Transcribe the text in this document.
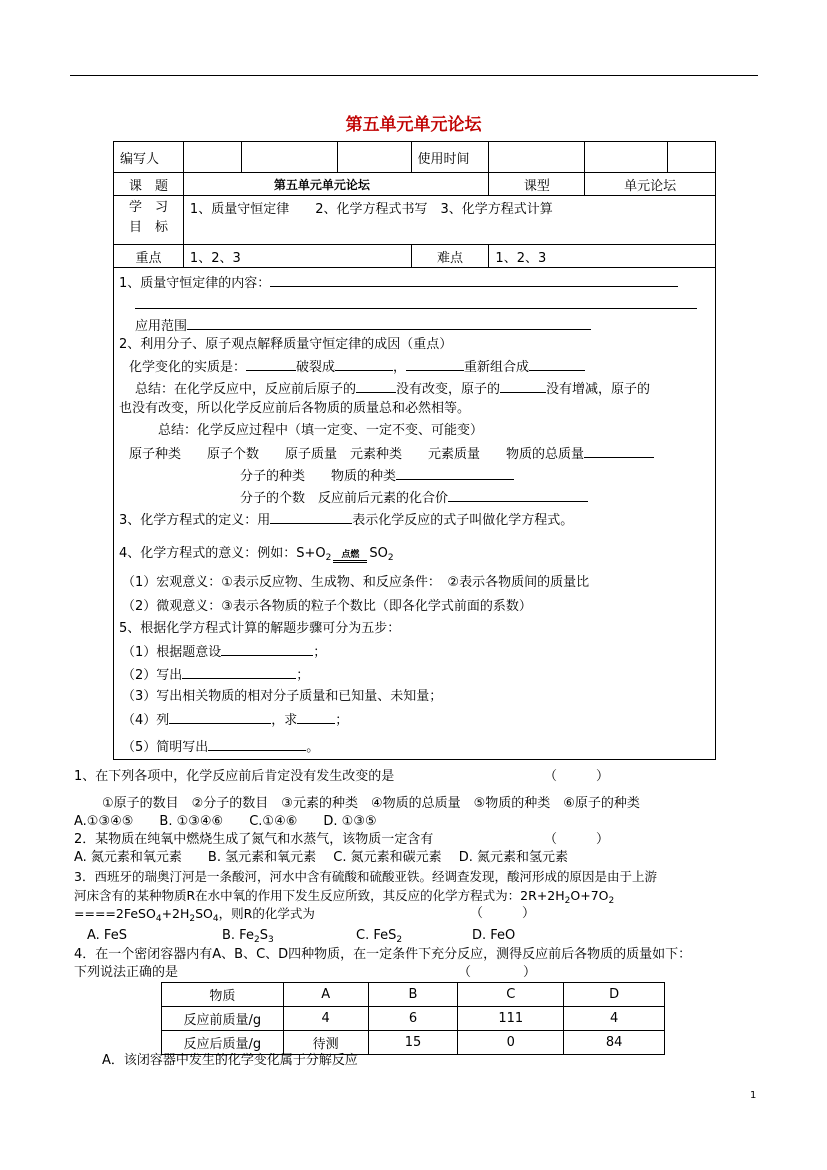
第五单元单元论坛
编写人				使用时间			
课　题	第五单元单元论坛				课型	单元论坛	
学　习
目　标	1、质量守恒定律　　2、化学方程式书写　3、化学方程式计算						
重点	1、2、3			难点	1、2、3		
1、质量守恒定律的内容：
应用范围
2、利用分子、原子观点解释质量守恒定律的成因（重点）
化学变化的实质是：	破裂成	，	重新组合成
总结：在化学反应中，反应前后原子的	没有改变，原子的	没有增减，原子的
也没有改变，所以化学反应前后各物质的质量总和必然相等。
总结：化学反应过程中（填一定变、一定不变、可能变）
原子种类　　原子个数　　原子质量　元素种类　　元素质量　　物质的总质量
分子的种类　　物质的种类
分子的个数　反应前后元素的化合价
3、化学方程式的定义：用	表示化学反应的式子叫做化学方程式。
4、化学方程式的意义：例如：$S+O_2$	点燃 $SO_2$
（1）宏观意义：①表示反应物、生成物、和反应条件：　②表示各物质间的质量比
（2）微观意义：③表示各物质的粒子个数比（即各化学式前面的系数）
5、根据化学方程式计算的解题步骤可分为五步：
（1）根据题意设	；
（2）写出	；
（3）写出相关物质的相对分子质量和已知量、未知量；
（4）列	，求	；
（5）简明写出	。
1、在下列各项中，化学反应前后肯定没有发生改变的是	（　　　）
①原子的数目　②分子的数目　③元素的种类　④物质的总质量　⑤物质的种类　⑥原子的种类
A.①③④⑤　　B. ①③④⑥　　C.①④⑥　　D. ①③⑤
2．某物质在纯氧中燃烧生成了氮气和水蒸气，该物质一定含有	（　　　）
A. 氮元素和氧元素　　B. 氢元素和氧元素　 C. 氮元素和碳元素　 D. 氮元素和氢元素
3．西班牙的瑞奥汀河是一条酸河，河水中含有硫酸和硫酸亚铁。经调查发现，酸河形成的原因是由于上游
河床含有的某种物质R在水中氧的作用下发生反应所致，其反应的化学方程式为：$2R+2H_2O+7O_2$
$====2FeSO_4+2H_2SO_4$，则R的化学式为	（　　　）
A. FeS	B. $Fe_2S_3$	C. FeS$_2$	D. FeO
4．在一个密闭容器内有A、B、C、D四种物质，在一定条件下充分反应，测得反应前后各物质的质量如下：
下列说法正确的是	（　　　　）
物质	A	B	C	D
反应前质量/g	4	6	111	4
反应后质量/g	待测	15	0	84
A．该闭容器中发生的化学变化属于分解反应
1
